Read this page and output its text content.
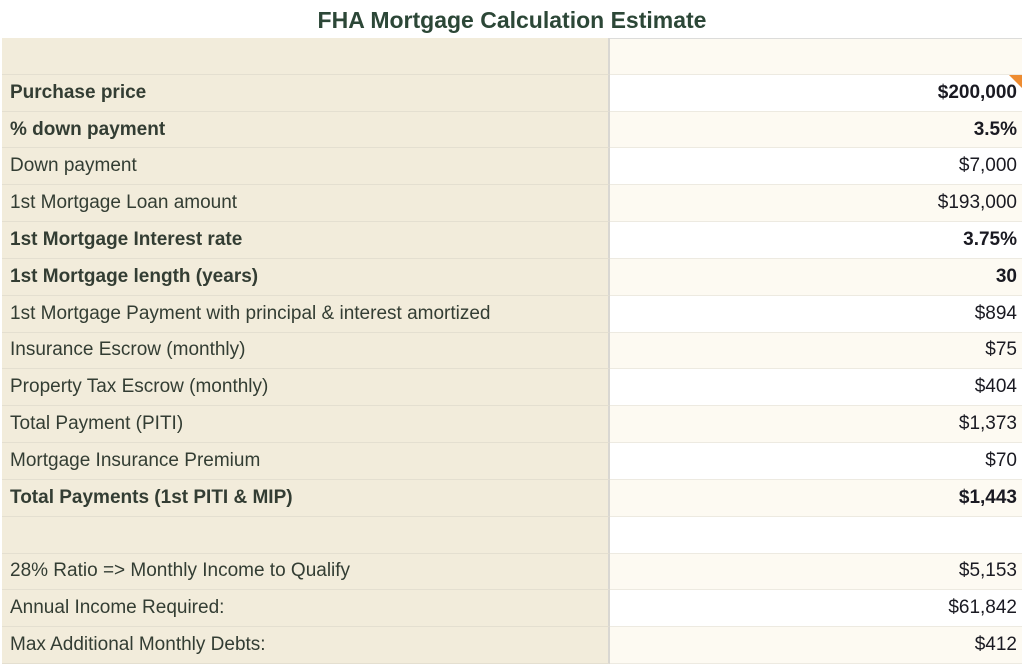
FHA Mortgage Calculation Estimate
Purchase price	$200,000
% down payment	3.5%
Down payment	$7,000
1st Mortgage Loan amount	$193,000
1st Mortgage Interest rate	3.75%
1st Mortgage length (years)	30
1st Mortgage Payment with principal & interest amortized	$894
Insurance Escrow (monthly)	$75
Property Tax Escrow (monthly)	$404
Total Payment (PITI)	$1,373
Mortgage Insurance Premium	$70
Total Payments (1st PITI & MIP)	$1,443
28% Ratio => Monthly Income to Qualify	$5,153
Annual Income Required:	$61,842
Max Additional Monthly Debts:	$412
